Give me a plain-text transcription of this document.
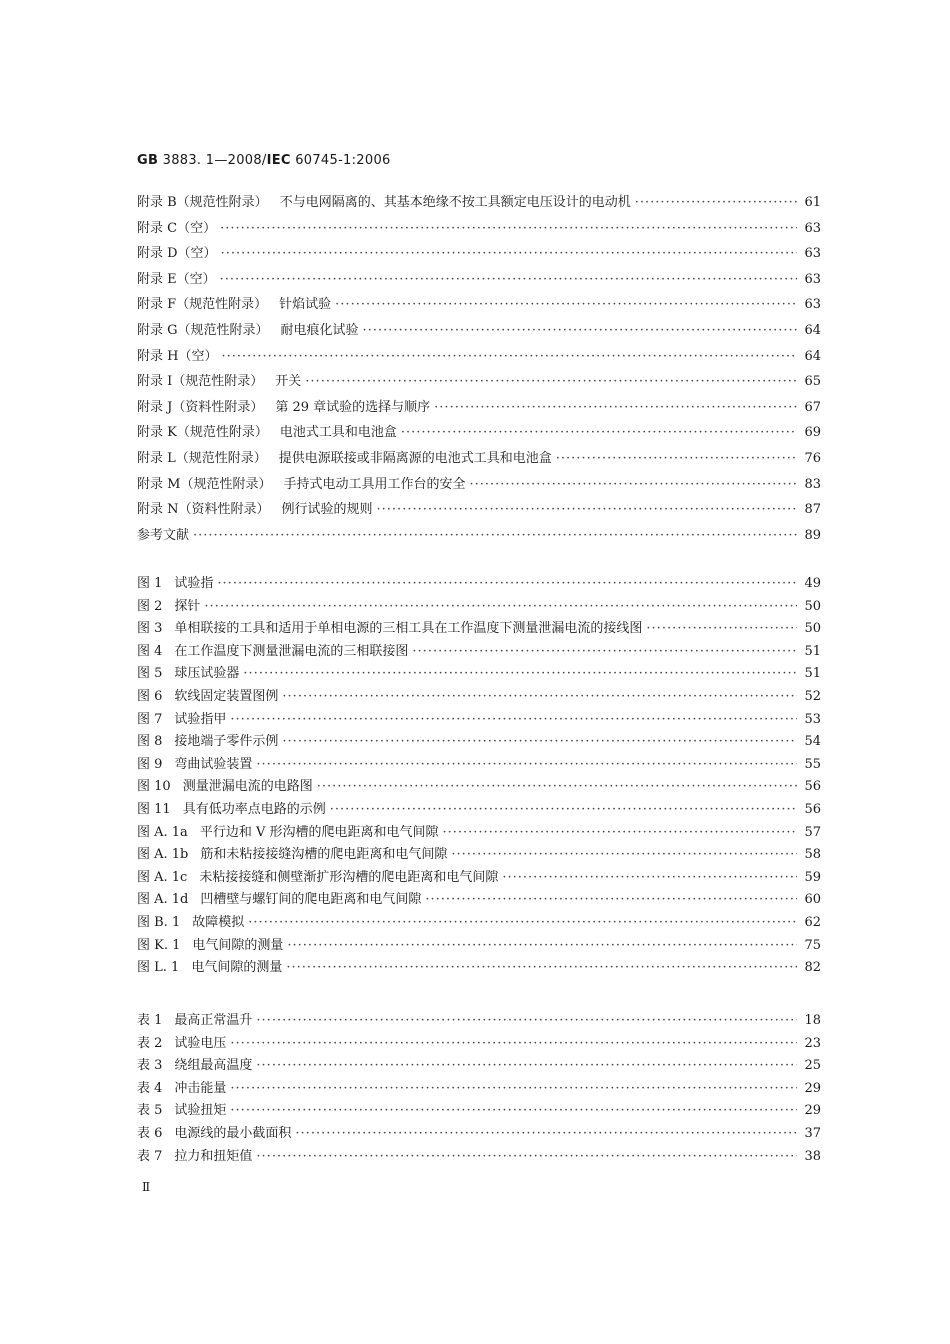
GB 3883. 1—2008/IEC 60745-1:2006
附录 B（规范性附录） 不与电网隔离的、其基本绝缘不按工具额定电压设计的电动机 ·····	61
附录 C（空） ·····	63
附录 D（空） ·····	63
附录 E（空） ·····	63
附录 F（规范性附录） 针焰试验 ·····	63
附录 G（规范性附录） 耐电痕化试验 ·····	64
附录 H（空） ·····	64
附录 I（规范性附录） 开关 ·····	65
附录 J（资料性附录） 第 29 章试验的选择与顺序 ·····	67
附录 K（规范性附录） 电池式工具和电池盒 ·····	69
附录 L（规范性附录） 提供电源联接或非隔离源的电池式工具和电池盒 ·····	76
附录 M（规范性附录） 手持式电动工具用工作台的安全 ·····	83
附录 N（资料性附录） 例行试验的规则 ·····	87
参考文献 ·····	89
图 1 试验指 ·····	49
图 2 探针 ·····	50
图 3 单相联接的工具和适用于单相电源的三相工具在工作温度下测量泄漏电流的接线图 ·····	50
图 4 在工作温度下测量泄漏电流的三相联接图 ·····	51
图 5 球压试验器 ·····	51
图 6 软线固定装置图例 ·····	52
图 7 试验指甲 ·····	53
图 8 接地端子零件示例 ·····	54
图 9 弯曲试验装置 ·····	55
图 10 测量泄漏电流的电路图 ·····	56
图 11 具有低功率点电路的示例 ·····	56
图 A. 1a 平行边和 V 形沟槽的爬电距离和电气间隙 ·····	57
图 A. 1b 筋和未粘接接缝沟槽的爬电距离和电气间隙 ·····	58
图 A. 1c 未粘接接缝和侧壁渐扩形沟槽的爬电距离和电气间隙 ·····	59
图 A. 1d 凹槽壁与螺钉间的爬电距离和电气间隙 ·····	60
图 B. 1 故障模拟 ·····	62
图 K. 1 电气间隙的测量 ·····	75
图 L. 1 电气间隙的测量 ·····	82
表 1 最高正常温升 ·····	18
表 2 试验电压 ·····	23
表 3 绕组最高温度 ·····	25
表 4 冲击能量 ·····	29
表 5 试验扭矩 ·····	29
表 6 电源线的最小截面积 ·····	37
表 7 拉力和扭矩值 ·····	38
Ⅱ
